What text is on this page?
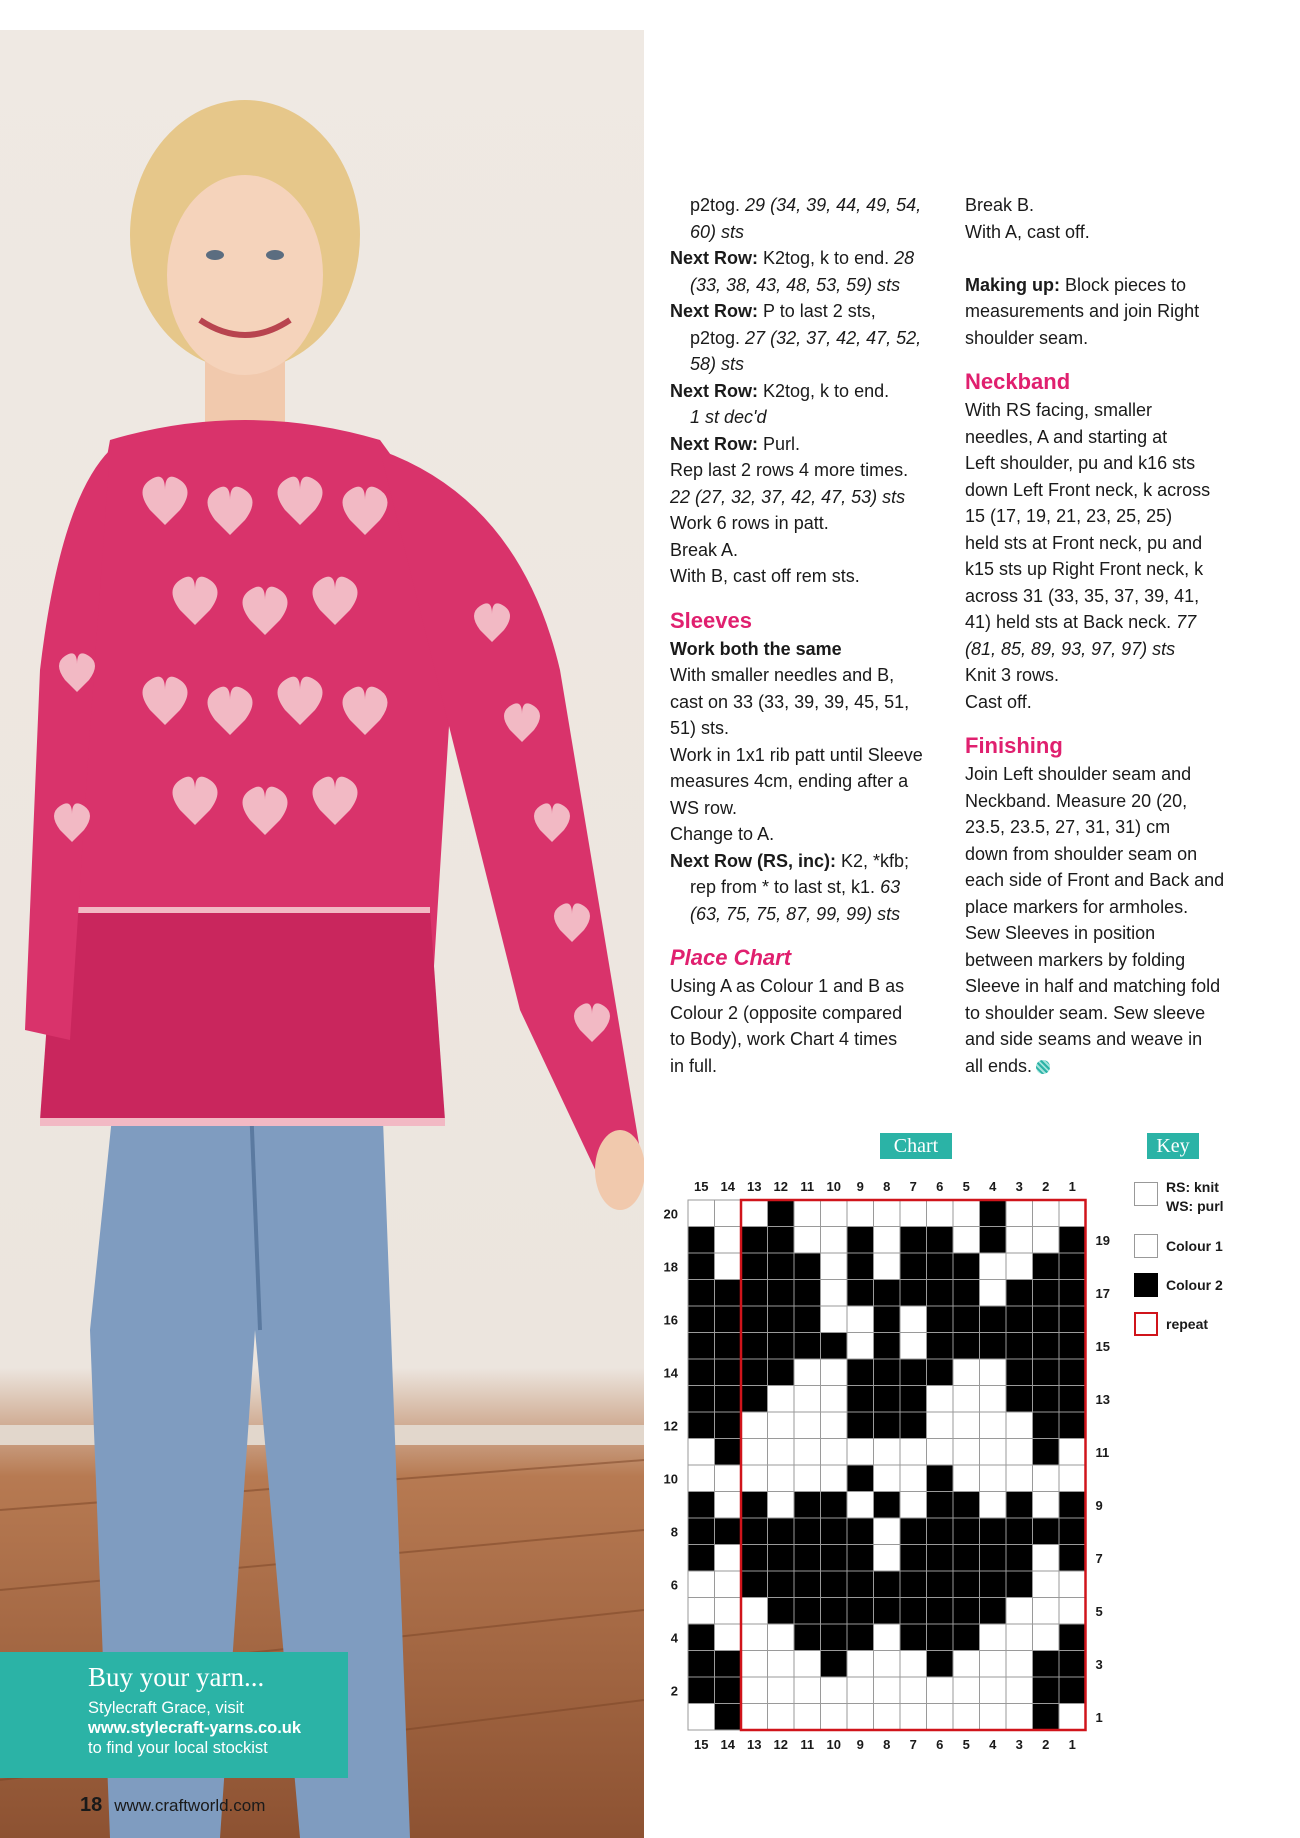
Buy your yarn...
Stylecraft Grace, visit
www.stylecraft-yarns.co.uk
to find your local stockist
18 www.craftworld.com
p2tog. 29 (34, 39, 44, 49, 54,
60) sts
Next Row: K2tog, k to end. 28
(33, 38, 43, 48, 53, 59) sts
Next Row: P to last 2 sts,
p2tog. 27 (32, 37, 42, 47, 52,
58) sts
Next Row: K2tog, k to end.
1 st dec'd
Next Row: Purl.
Rep last 2 rows 4 more times.
22 (27, 32, 37, 42, 47, 53) sts
Work 6 rows in patt.
Break A.
With B, cast off rem sts.
Sleeves
Work both the same
With smaller needles and B,
cast on 33 (33, 39, 39, 45, 51,
51) sts.
Work in 1x1 rib patt until Sleeve
measures 4cm, ending after a
WS row.
Change to A.
Next Row (RS, inc): K2, *kfb;
rep from * to last st, k1. 63
(63, 75, 75, 87, 99, 99) sts
Place Chart
Using A as Colour 1 and B as
Colour 2 (opposite compared
to Body), work Chart 4 times
in full.
Break B.
With A, cast off.
Making up: Block pieces to
measurements and join Right
shoulder seam.
Neckband
With RS facing, smaller
needles, A and starting at
Left shoulder, pu and k16 sts
down Left Front neck, k across
15 (17, 19, 21, 23, 25, 25)
held sts at Front neck, pu and
k15 sts up Right Front neck, k
across 31 (33, 35, 37, 39, 41,
41) held sts at Back neck. 77
(81, 85, 89, 93, 97, 97) sts
Knit 3 rows.
Cast off.
Finishing
Join Left shoulder seam and
Neckband. Measure 20 (20,
23.5, 23.5, 27, 31, 31) cm
down from shoulder seam on
each side of Front and Back and
place markers for armholes.
Sew Sleeves in position
between markers by folding
Sleeve in half and matching fold
to shoulder seam. Sew sleeve
and side seams and weave in
all ends.
Chart	Key
15
15
14
14
13
13
12
12
11
11
10
10
9
9
8
8
7
7
6
6
5
5
4
4
3
3
2
2
1
1
20
19
18
17
16
15
14
13
12
11
10
9
8
7
6
5
4
3
2
1
RS: knit
WS: purl
Colour 1
Colour 2
repeat
